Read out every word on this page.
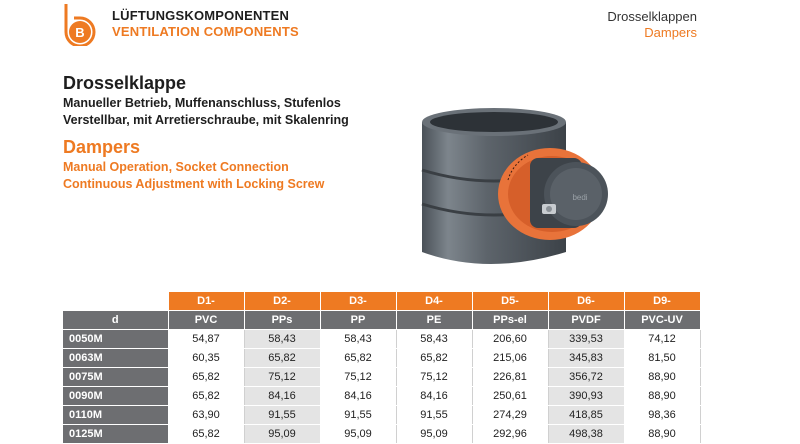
B
LÜFTUNGSKOMPONENTEN
VENTILATION COMPONENTS
Drosselklappen
Dampers
Drosselklappe
Manueller Betrieb, Muffenanschluss, Stufenlos
Verstellbar, mit Arretierschraube, mit Skalenring
Dampers
Manual Operation, Socket Connection
Continuous Adjustment with Locking Screw
bedi
	D1-	D2-	D3-	D4-	D5-	D6-	D9-
d	PVC	PPs	PP	PE	PPs-el	PVDF	PVC-UV
0050M	54,87	58,43	58,43	58,43	206,60	339,53	74,12
0063M	60,35	65,82	65,82	65,82	215,06	345,83	81,50
0075M	65,82	75,12	75,12	75,12	226,81	356,72	88,90
0090M	65,82	84,16	84,16	84,16	250,61	390,93	88,90
0110M	63,90	91,55	91,55	91,55	274,29	418,85	98,36
0125M	65,82	95,09	95,09	95,09	292,96	498,38	88,90
